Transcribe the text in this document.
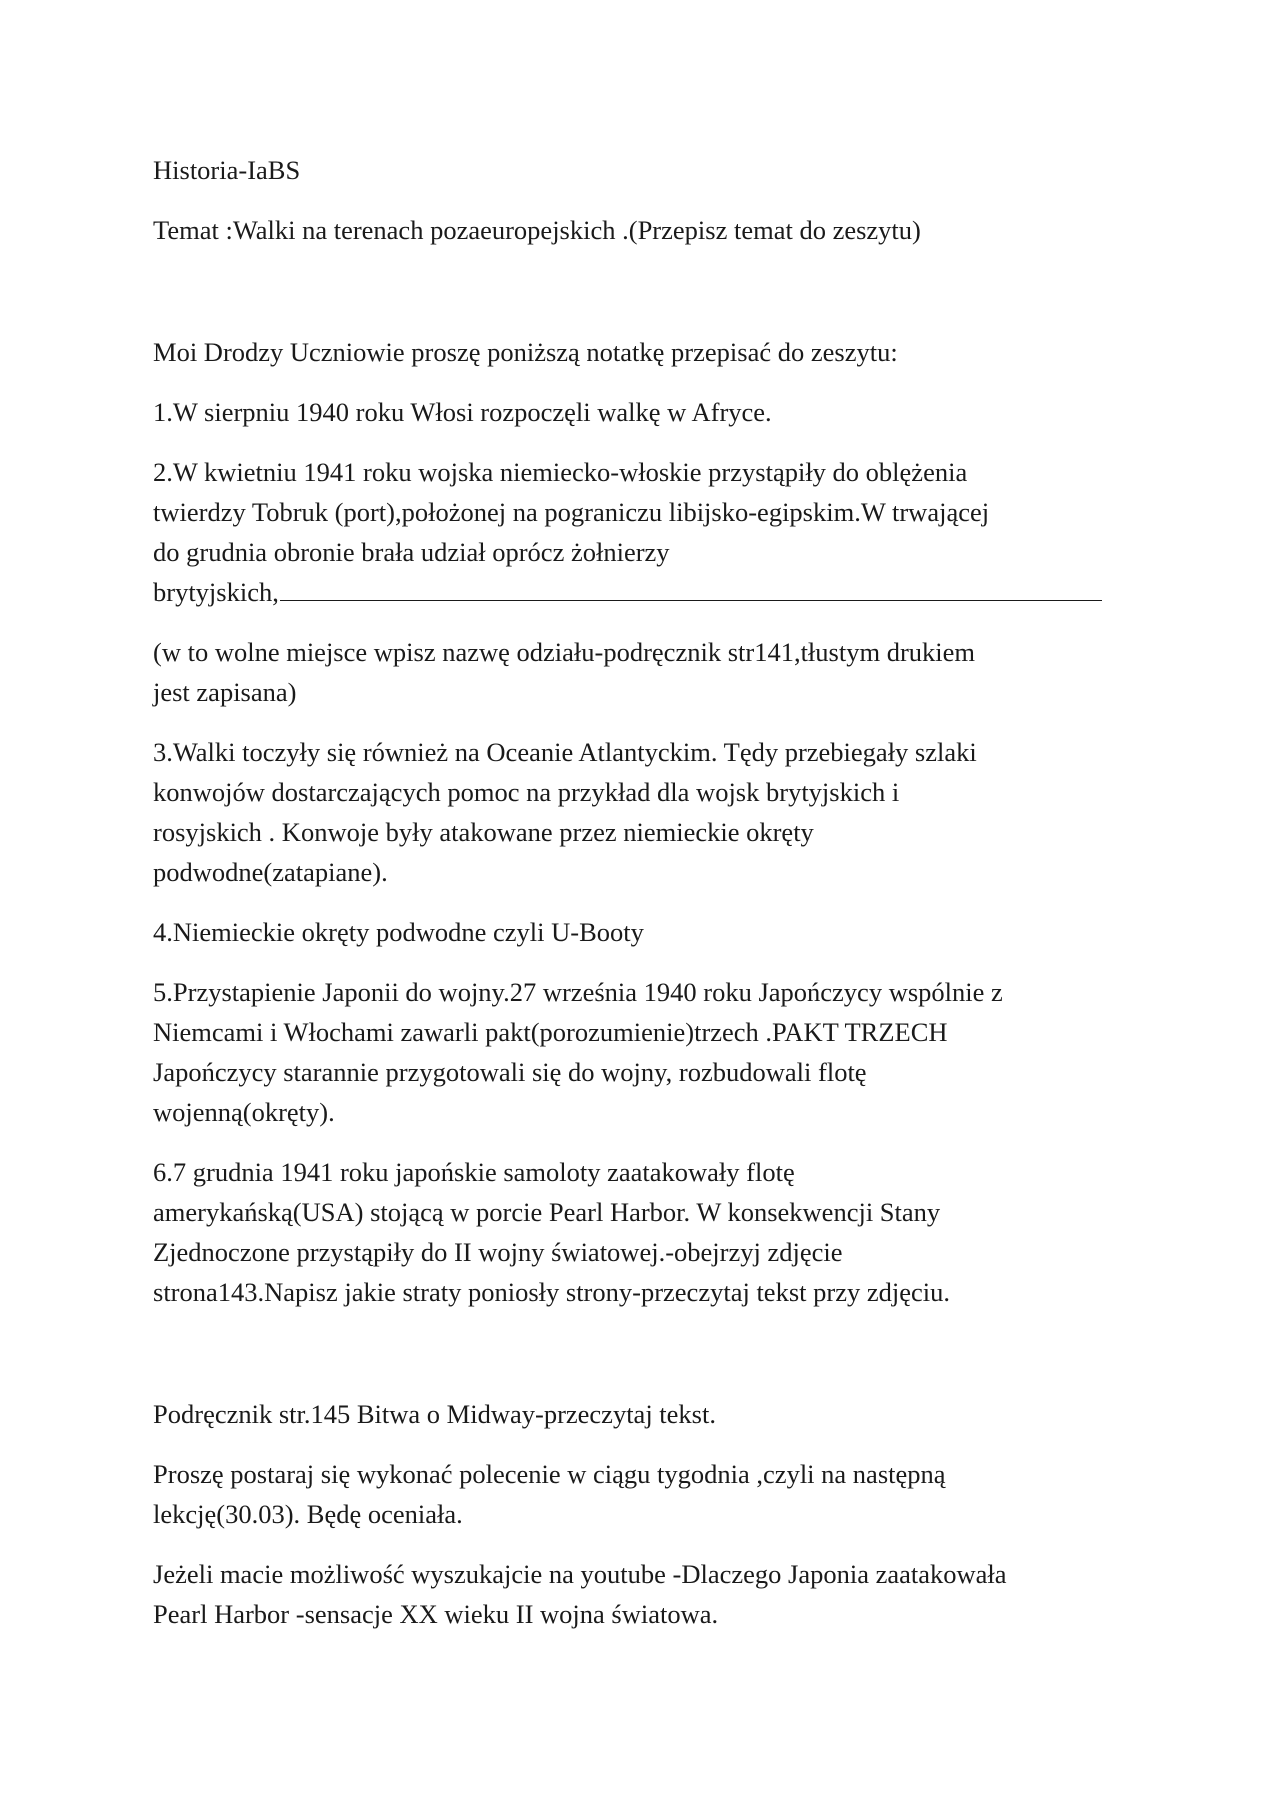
Historia-IaBS

Temat :Walki na terenach pozaeuropejskich .(Przepisz temat do zeszytu)

Moi Drodzy Uczniowie proszę poniższą notatkę przepisać do zeszytu:

1.W sierpniu 1940 roku Włosi rozpoczęli walkę w Afryce.

2.W kwietniu 1941 roku wojska niemiecko-włoskie przystąpiły do oblężenia
twierdzy Tobruk (port),położonej na pograniczu libijsko-egipskim.W trwającej
do grudnia obronie brała udział oprócz żołnierzy
brytyjskich,

(w to wolne miejsce wpisz nazwę odziału-podręcznik str141,tłustym drukiem
jest zapisana)

3.Walki toczyły się również na Oceanie Atlantyckim. Tędy przebiegały szlaki
konwojów dostarczających pomoc na przykład dla wojsk brytyjskich i
rosyjskich . Konwoje były atakowane przez niemieckie okręty
podwodne(zatapiane).

4.Niemieckie okręty podwodne czyli U-Booty

5.Przystapienie Japonii do wojny.27 września 1940 roku Japończycy wspólnie z
Niemcami i Włochami zawarli pakt(porozumienie)trzech .PAKT TRZECH
Japończycy starannie przygotowali się do wojny, rozbudowali flotę
wojenną(okręty).

6.7 grudnia 1941 roku japońskie samoloty zaatakowały flotę
amerykańską(USA) stojącą w porcie Pearl Harbor. W konsekwencji Stany
Zjednoczone przystąpiły do II wojny światowej.-obejrzyj zdjęcie
strona143.Napisz jakie straty poniosły strony-przeczytaj tekst przy zdjęciu.

Podręcznik str.145 Bitwa o Midway-przeczytaj tekst.

Proszę postaraj się wykonać polecenie w ciągu tygodnia ,czyli na następną
lekcję(30.03). Będę oceniała.

Jeżeli macie możliwość wyszukajcie na youtube -Dlaczego Japonia zaatakowała
Pearl Harbor -sensacje XX wieku II wojna światowa.
